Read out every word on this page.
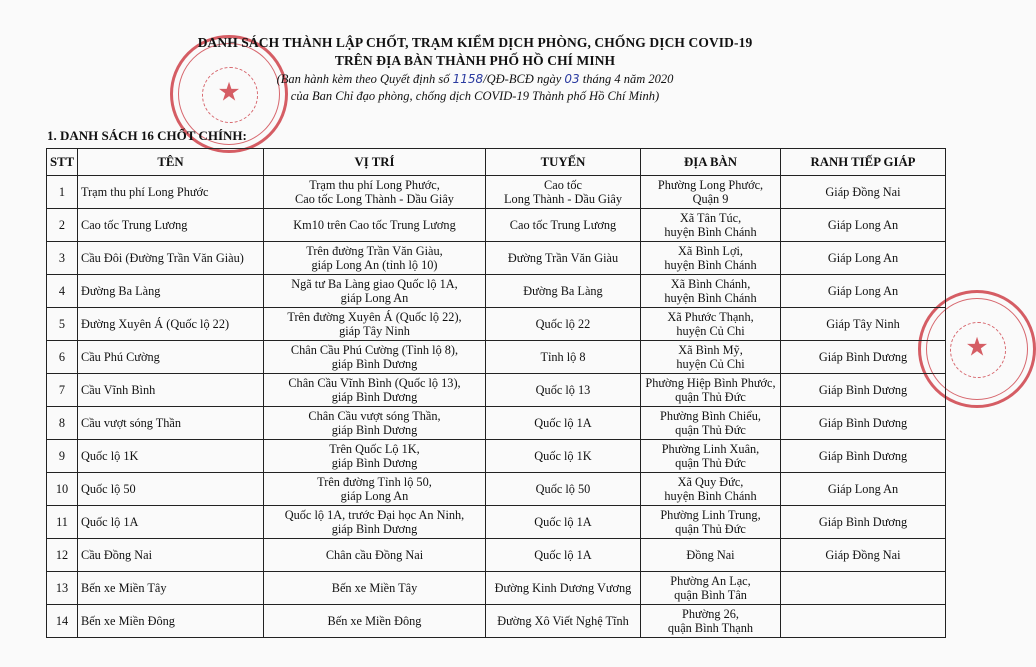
★
★
DANH SÁCH THÀNH LẬP CHỐT, TRẠM KIỂM DỊCH PHÒNG, CHỐNG DỊCH COVID-19
TRÊN ĐỊA BÀN THÀNH PHỐ HỒ CHÍ MINH
(Ban hành kèm theo Quyết định số 1158/QĐ-BCĐ ngày 03 tháng 4 năm 2020
của Ban Chỉ đạo phòng, chống dịch COVID-19 Thành phố Hồ Chí Minh)
1. DANH SÁCH 16 CHỐT CHÍNH:
STT	TÊN	VỊ TRÍ	TUYẾN	ĐỊA BÀN	RANH TIẾP GIÁP

1	Trạm thu phí Long Phước	Trạm thu phí Long Phước,
Cao tốc Long Thành - Dầu Giây	Cao tốc
Long Thành - Dầu Giây	Phường Long Phước,
Quận 9	Giáp Đồng Nai

2	Cao tốc Trung Lương	Km10 trên Cao tốc Trung Lương	Cao tốc Trung Lương	Xã Tân Túc,
huyện Bình Chánh	Giáp Long An

3	Cầu Đôi (Đường Trần Văn Giàu)	Trên đường Trần Văn Giàu,
giáp Long An (tỉnh lộ 10)	Đường Trần Văn Giàu	Xã Bình Lợi,
huyện Bình Chánh	Giáp Long An

4	Đường Ba Làng	Ngã tư Ba Làng giao Quốc lộ 1A,
giáp Long An	Đường Ba Làng	Xã Bình Chánh,
huyện Bình Chánh	Giáp Long An

5	Đường Xuyên Á (Quốc lộ 22)	Trên đường Xuyên Á (Quốc lộ 22),
giáp Tây Ninh	Quốc lộ 22	Xã Phước Thạnh,
huyện Củ Chi	Giáp Tây Ninh

6	Cầu Phú Cường	Chân Cầu Phú Cường (Tỉnh lộ 8),
giáp Bình Dương	Tỉnh lộ 8	Xã Bình Mỹ,
huyện Củ Chi	Giáp Bình Dương

7	Cầu Vĩnh Bình	Chân Cầu Vĩnh Bình (Quốc lộ 13),
giáp Bình Dương	Quốc lộ 13	Phường Hiệp Bình Phước,
quận Thủ Đức	Giáp Bình Dương

8	Cầu vượt sóng Thần	Chân Cầu vượt sóng Thần,
giáp Bình Dương	Quốc lộ 1A	Phường Bình Chiểu,
quận Thủ Đức	Giáp Bình Dương

9	Quốc lộ 1K	Trên Quốc Lộ 1K,
giáp Bình Dương	Quốc lộ 1K	Phường Linh Xuân,
quận Thủ Đức	Giáp Bình Dương

10	Quốc lộ 50	Trên đường Tỉnh lộ 50,
giáp Long An	Quốc lộ 50	Xã Quy Đức,
huyện Bình Chánh	Giáp Long An

11	Quốc lộ 1A	Quốc lộ 1A, trước Đại học An Ninh,
giáp Bình Dương	Quốc lộ 1A	Phường Linh Trung,
quận Thủ Đức	Giáp Bình Dương

12	Cầu Đồng Nai	Chân cầu Đồng Nai	Quốc lộ 1A	Đồng Nai	Giáp Đồng Nai

13	Bến xe Miền Tây	Bến xe Miền Tây	Đường Kinh Dương Vương	Phường An Lạc,
quận Bình Tân	

14	Bến xe Miền Đông	Bến xe Miền Đông	Đường Xô Viết Nghệ Tĩnh	Phường 26,
quận Bình Thạnh	
